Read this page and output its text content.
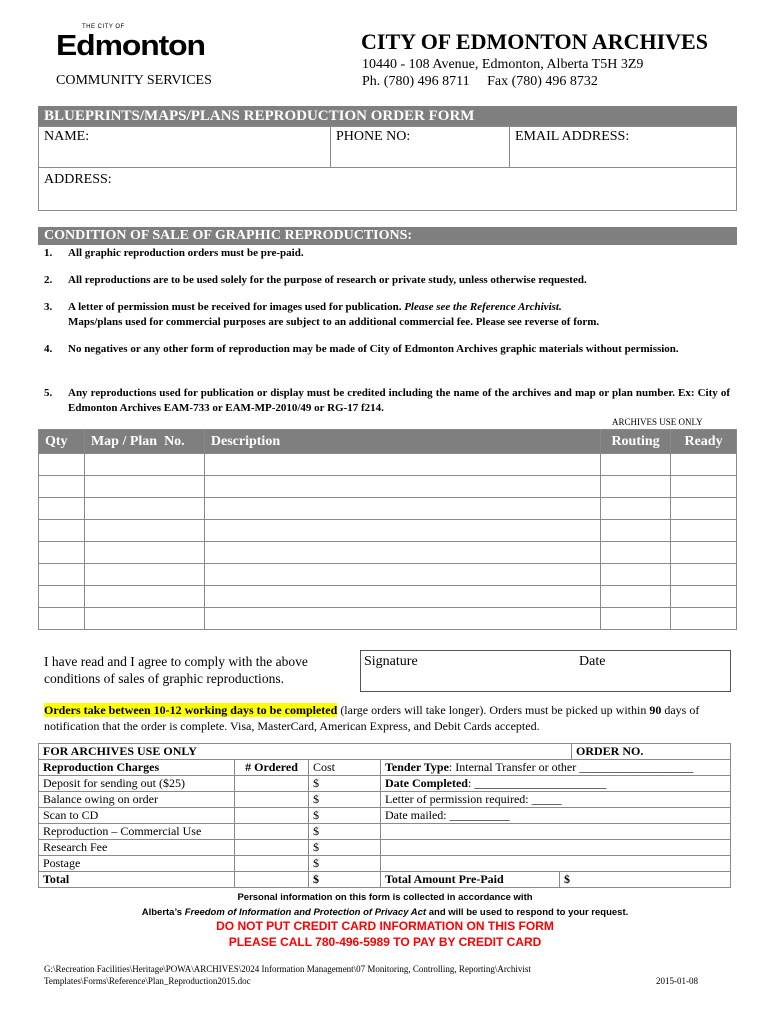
THE CITY OF
Edmonton
COMMUNITY SERVICES
CITY OF EDMONTON ARCHIVES
10440 - 108 Avenue, Edmonton, Alberta T5H 3Z9
Ph. (780) 496 8711     Fax (780) 496 8732
BLUEPRINTS/MAPS/PLANS REPRODUCTION ORDER FORM
NAME:	PHONE NO:	EMAIL ADDRESS:
ADDRESS:
CONDITION OF SALE OF GRAPHIC REPRODUCTIONS:
1. All graphic reproduction orders must be pre-paid.
2. All reproductions are to be used solely for the purpose of research or private study, unless otherwise requested.
3. A letter of permission must be received for images used for publication. Please see the Reference Archivist.
Maps/plans used for commercial purposes are subject to an additional commercial fee. Please see reverse of form.
4. No negatives or any other form of reproduction may be made of City of Edmonton Archives graphic materials without permission.
5. Any reproductions used for publication or display must be credited including the name of the archives and map or plan number. Ex: City of Edmonton Archives EAM-733 or EAM-MP-2010/49 or RG-17 f214.
ARCHIVES USE ONLY
Qty	Map / Plan  No.	Description	Routing	Ready

I have read and I agree to comply with the above conditions of sales of graphic reproductions.
Signature	Date
Orders take between 10-12 working days to be completed (large orders will take longer). Orders must be picked up within 90 days of notification that the order is complete. Visa, MasterCard, American Express, and Debit Cards accepted.
FOR ARCHIVES USE ONLY ORDER NO.			

Reproduction Charges	# Ordered	Cost	Tender Type: Internal Transfer or other ___________________
Deposit for sending out ($25)		$	Date Completed: ______________________
Balance owing on order		$	Letter of permission required: _____
Scan to CD		$	Date mailed: __________
Reproduction – Commercial Use		$	
Research Fee		$	
Postage		$	
Total		$	Total Amount Pre-Paid $
Personal information on this form is collected in accordance with
Alberta’s Freedom of Information and Protection of Privacy Act and will be used to respond to your request.
DO NOT PUT CREDIT CARD INFORMATION ON THIS FORM
PLEASE CALL 780-496-5989 TO PAY BY CREDIT CARD
G:\Recreation Facilities\Heritage\POWA\ARCHIVES\2024 Information Management\07 Monitoring, Controlling, Reporting\Archivist
Templates\Forms\Reference\Plan_Reproduction2015.doc	2015-01-08
